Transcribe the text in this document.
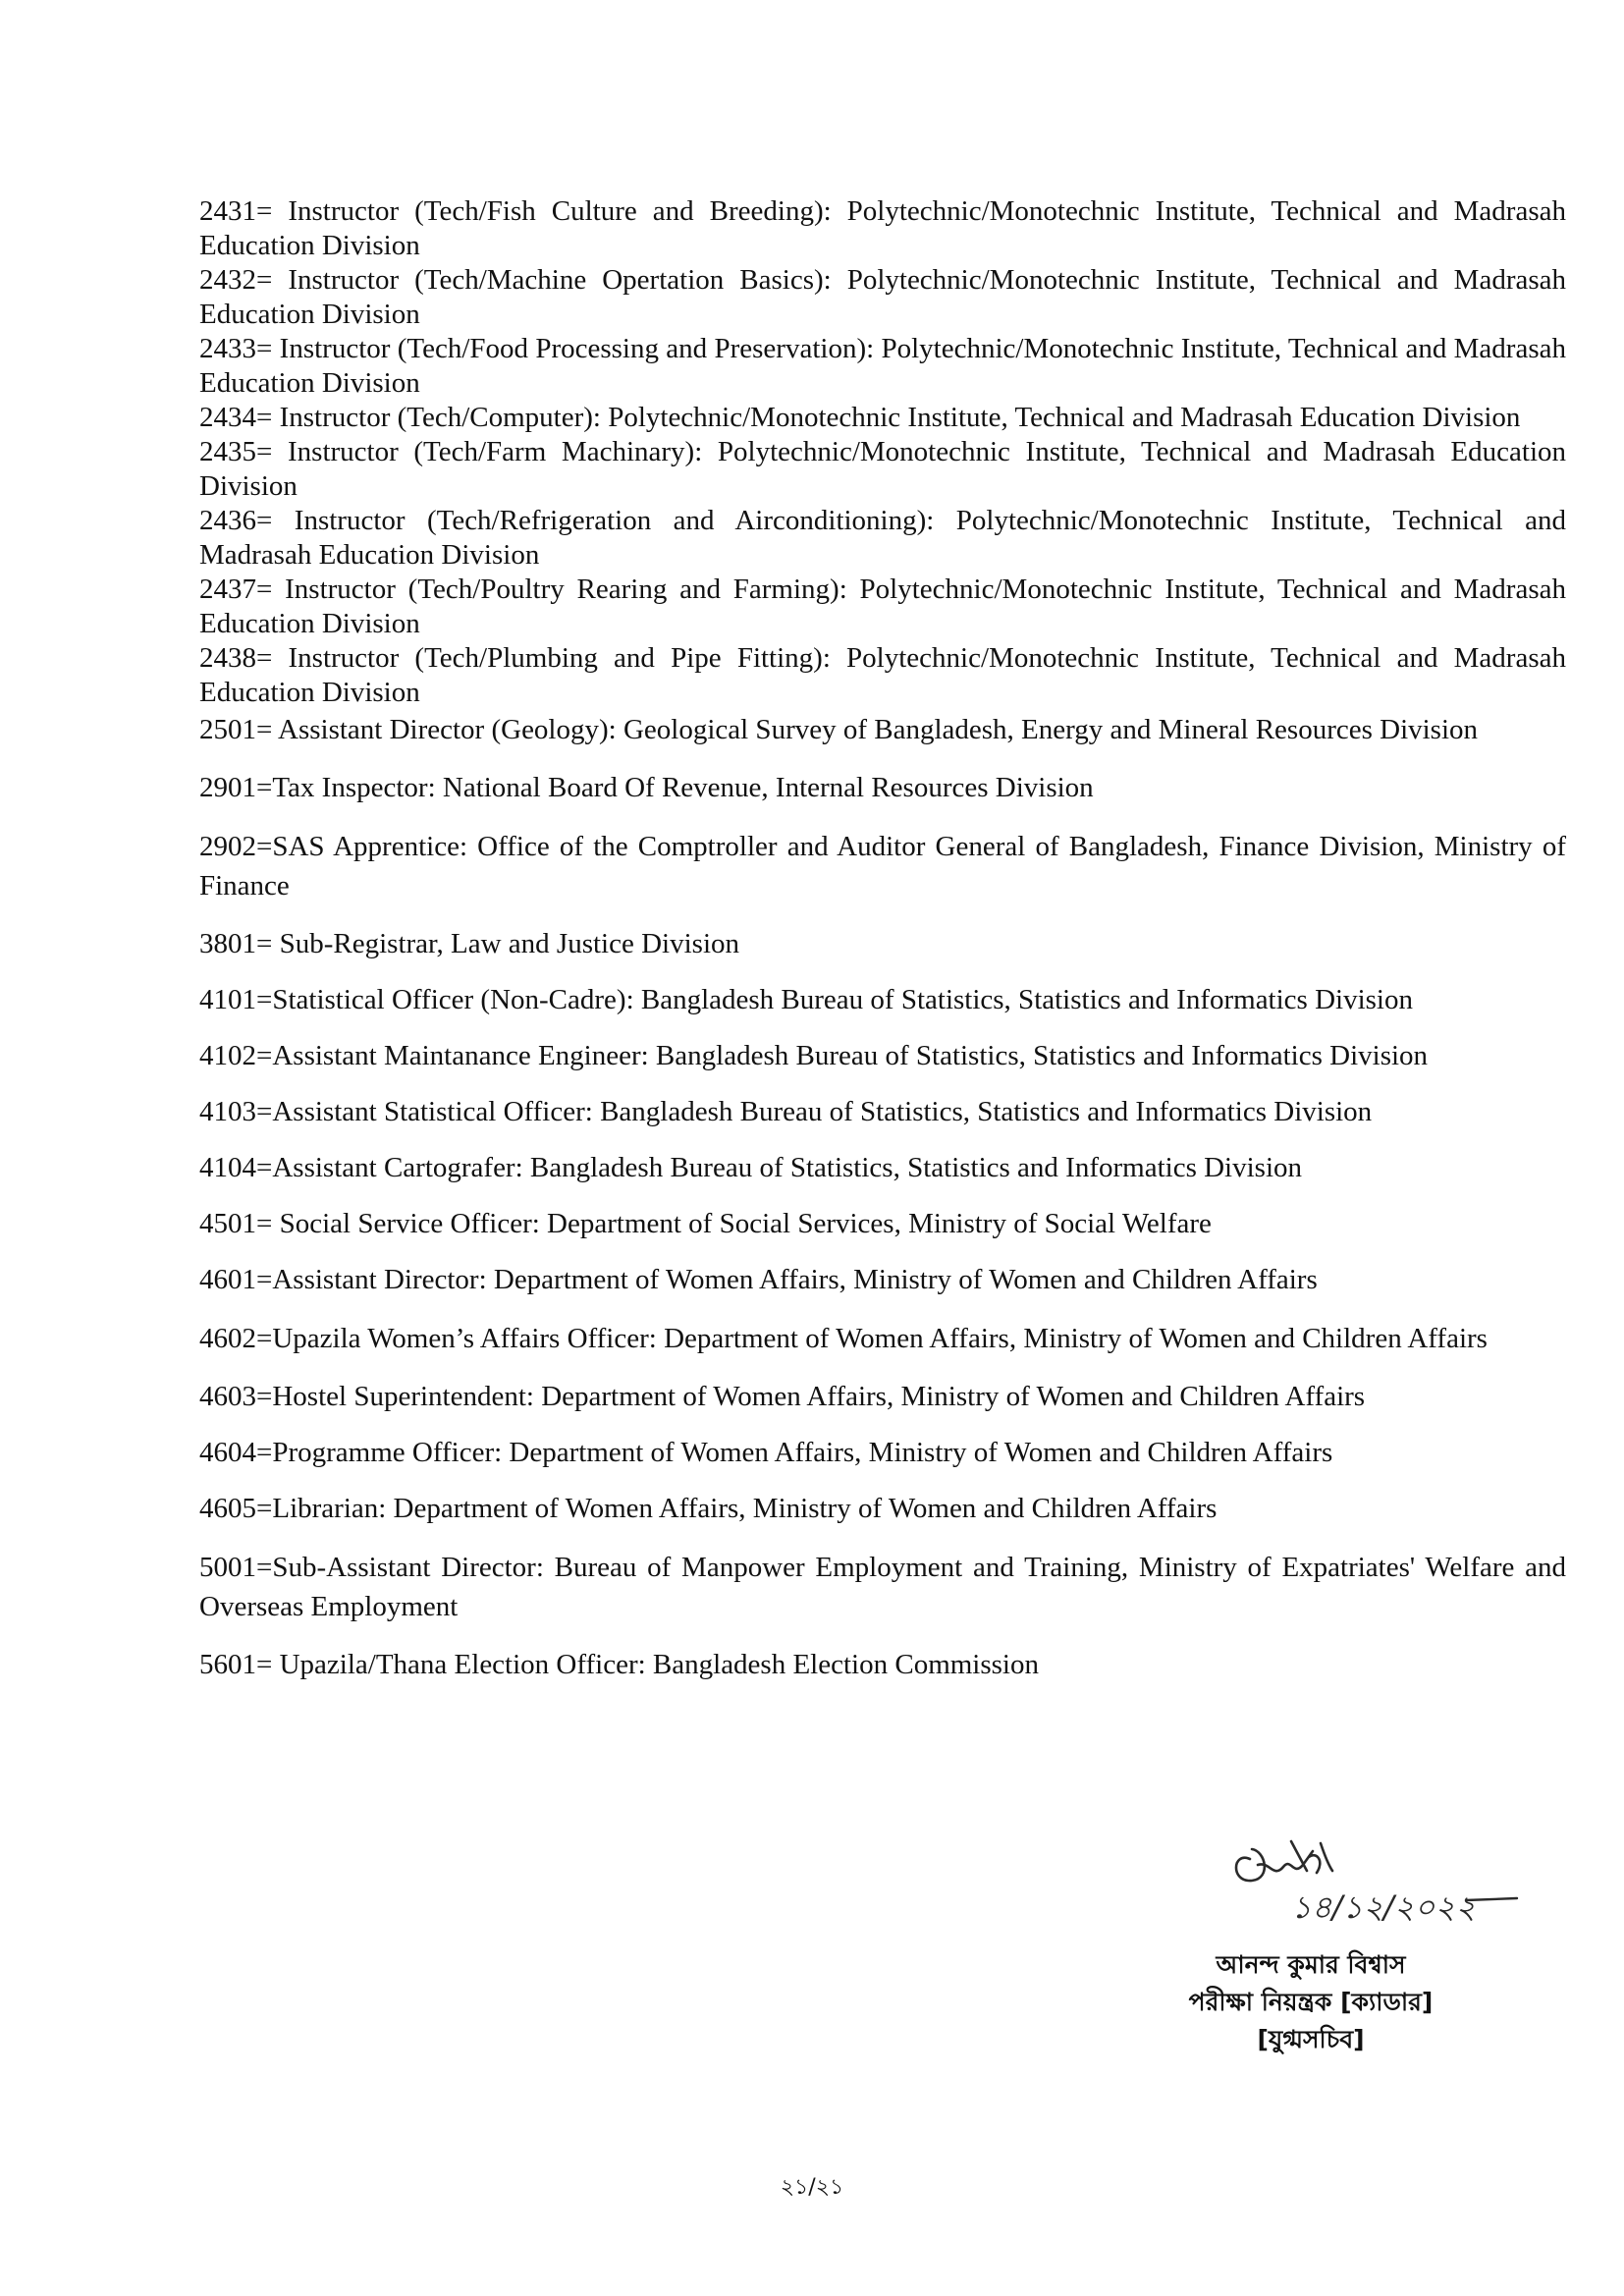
2431= Instructor (Tech/Fish Culture and Breeding): Polytechnic/Monotechnic Institute, Technical and Madrasah Education Division
2432= Instructor (Tech/Machine Opertation Basics): Polytechnic/Monotechnic Institute, Technical and Madrasah Education Division
2433= Instructor (Tech/Food Processing and Preservation): Polytechnic/Monotechnic Institute, Technical and Madrasah Education Division
2434= Instructor (Tech/Computer): Polytechnic/Monotechnic Institute, Technical and Madrasah Education Division
2435= Instructor (Tech/Farm Machinary): Polytechnic/Monotechnic Institute, Technical and Madrasah Education Division
2436= Instructor (Tech/Refrigeration and Airconditioning): Polytechnic/Monotechnic Institute, Technical and Madrasah Education Division
2437= Instructor (Tech/Poultry Rearing and Farming): Polytechnic/Monotechnic Institute, Technical and Madrasah Education Division
2438= Instructor (Tech/Plumbing and Pipe Fitting): Polytechnic/Monotechnic Institute, Technical and Madrasah Education Division
2501= Assistant Director (Geology): Geological Survey of Bangladesh, Energy and Mineral Resources Division
2901=Tax Inspector: National Board Of Revenue, Internal Resources Division
2902=SAS Apprentice: Office of the Comptroller and Auditor General of Bangladesh, Finance Division, Ministry of Finance
3801= Sub-Registrar, Law and Justice Division
4101=Statistical Officer (Non-Cadre): Bangladesh Bureau of Statistics, Statistics and Informatics Division
4102=Assistant Maintanance Engineer: Bangladesh Bureau of Statistics, Statistics and Informatics Division
4103=Assistant Statistical Officer: Bangladesh Bureau of Statistics, Statistics and Informatics Division
4104=Assistant Cartografer: Bangladesh Bureau of Statistics, Statistics and Informatics Division
4501= Social Service Officer: Department of Social Services, Ministry of Social Welfare
4601=Assistant Director: Department of Women Affairs, Ministry of Women and Children Affairs
4602=Upazila Women’s Affairs Officer: Department of Women Affairs, Ministry of Women and Children Affairs
4603=Hostel Superintendent: Department of Women Affairs, Ministry of Women and Children Affairs
4604=Programme Officer: Department of Women Affairs, Ministry of Women and Children Affairs
4605=Librarian: Department of Women Affairs, Ministry of Women and Children Affairs
5001=Sub-Assistant Director: Bureau of Manpower Employment and Training, Ministry of Expatriates' Welfare and Overseas Employment
5601= Upazila/Thana Election Officer: Bangladesh Election Commission
১৪/১২/২০২২
আনন্দ কুমার বিশ্বাস
পরীক্ষা নিয়ন্ত্রক [ক্যাডার]
[যুগ্মসচিব]
২১/২১
